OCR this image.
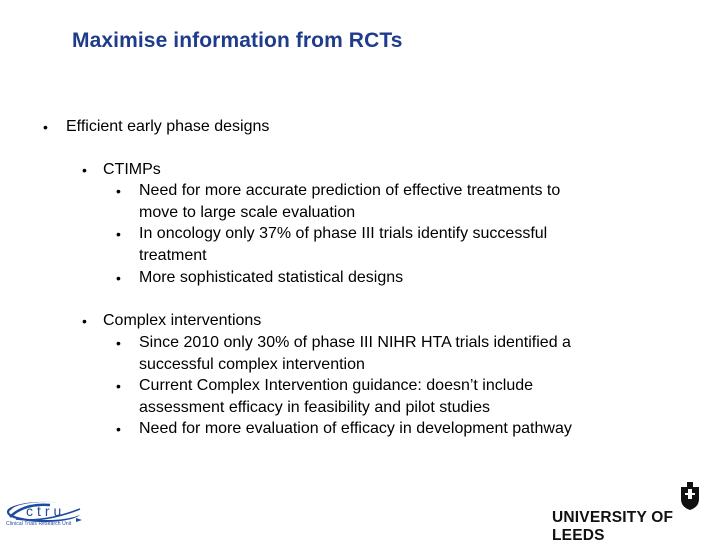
Maximise information from RCTs
• Efficient early phase designs
• CTIMPs
• Need for more accurate prediction of effective treatments to
move to large scale evaluation
• In oncology only 37% of phase III trials identify successful
treatment
• More sophisticated statistical designs
• Complex interventions
• Since 2010 only 30% of phase III NIHR HTA trials identified a
successful complex intervention
• Current Complex Intervention guidance: doesn’t include
assessment efficacy in feasibility and pilot studies
• Need for more evaluation of efficacy in development pathway
ctru
Clinical Trials Research Unit	UNIVERSITY OF LEEDS
